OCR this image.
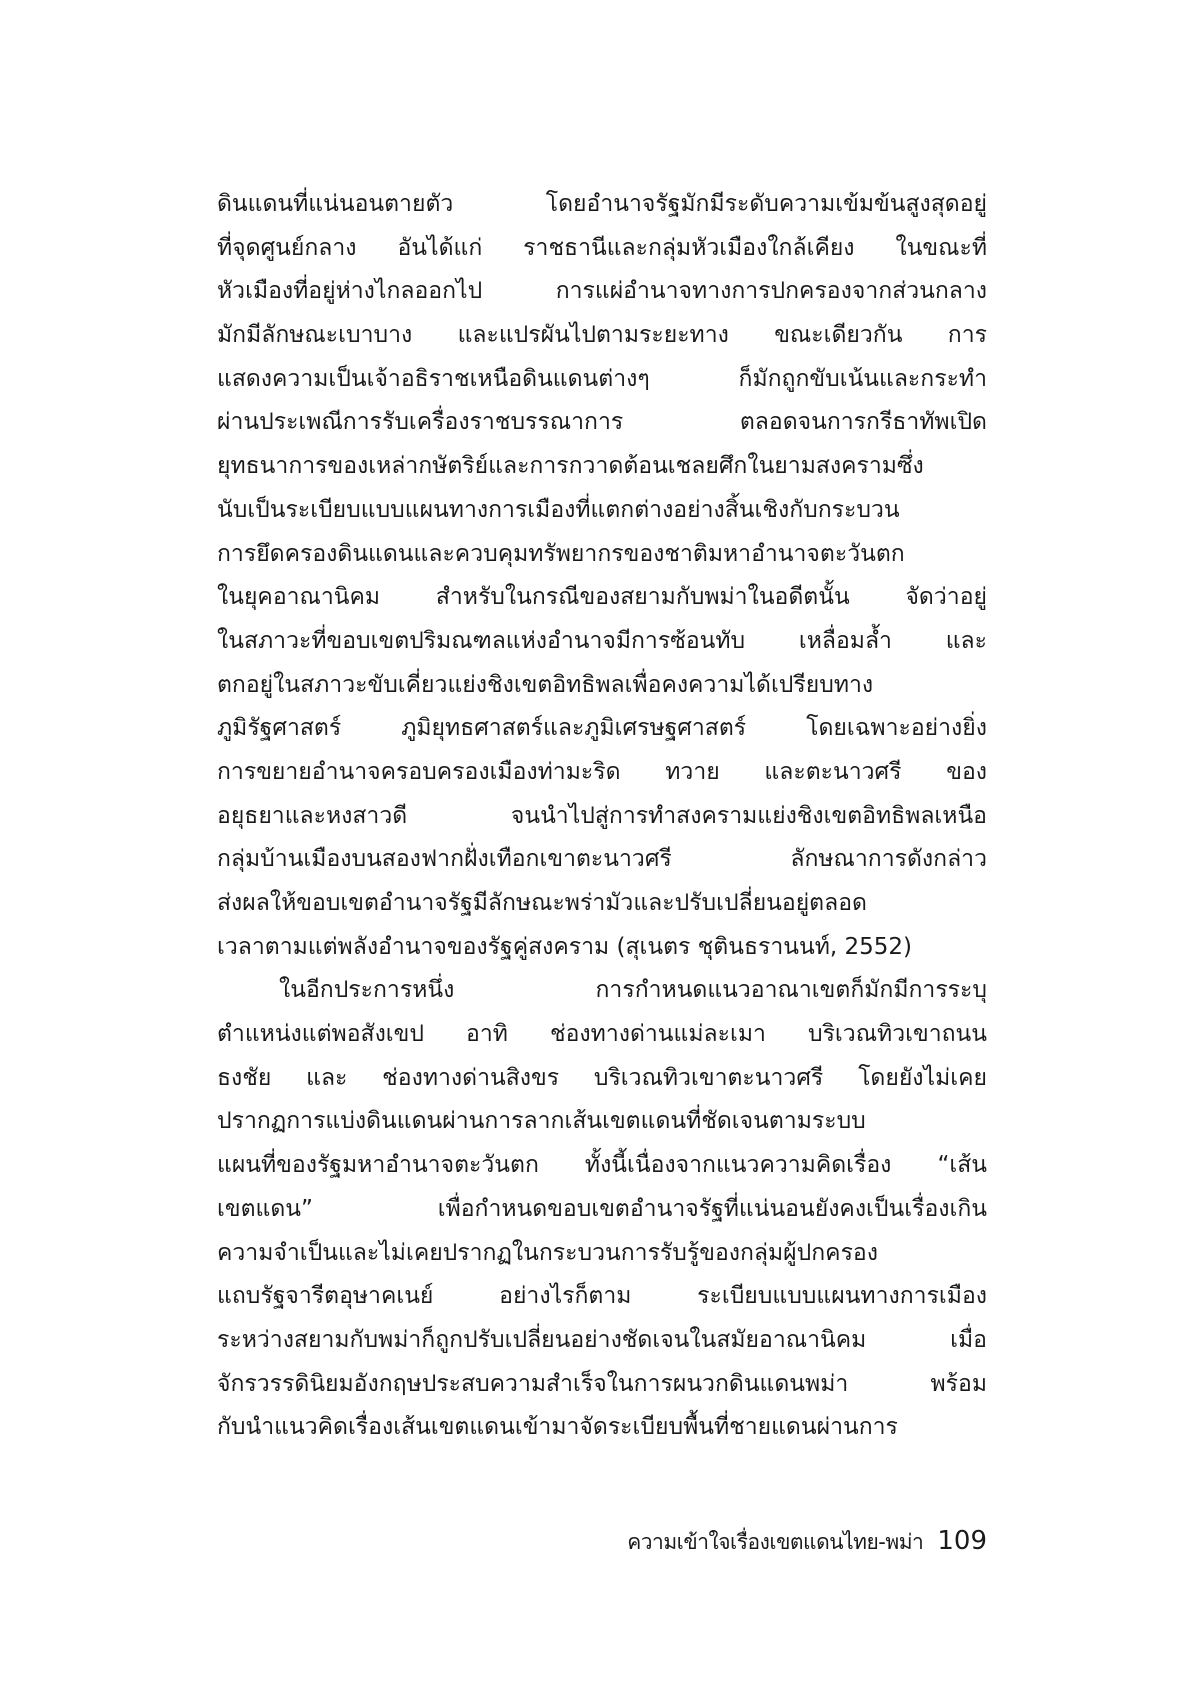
ดินแดนที่แน่นอนตายตัว โดยอำนาจรัฐมักมีระดับความเข้มข้นสูงสุดอยู่
ที่จุดศูนย์กลาง อันได้แก่ ราชธานีและกลุ่มหัวเมืองใกล้เคียง ในขณะที่
หัวเมืองที่อยู่ห่างไกลออกไป การแผ่อำนาจทางการปกครองจากส่วนกลาง
มักมีลักษณะเบาบาง และแปรผันไปตามระยะทาง ขณะเดียวกัน การ
แสดงความเป็นเจ้าอธิราชเหนือดินแดนต่างๆ ก็มักถูกขับเน้นและกระทำ
ผ่านประเพณีการรับเครื่องราชบรรณาการ ตลอดจนการกรีธาทัพเปิด
ยุทธนาการของเหล่ากษัตริย์และการกวาดต้อนเชลยศึกในยามสงครามซึ่ง
นับเป็นระเบียบแบบแผนทางการเมืองที่แตกต่างอย่างสิ้นเชิงกับกระบวน
การยึดครองดินแดนและควบคุมทรัพยากรของชาติมหาอำนาจตะวันตก
ในยุคอาณานิคม สำหรับในกรณีของสยามกับพม่าในอดีตนั้น จัดว่าอยู่
ในสภาวะที่ขอบเขตปริมณฑลแห่งอำนาจมีการซ้อนทับ เหลื่อมล้ำ และ
ตกอยู่ในสภาวะขับเคี่ยวแย่งชิงเขตอิทธิพลเพื่อคงความได้เปรียบทาง
ภูมิรัฐศาสตร์ ภูมิยุทธศาสตร์และภูมิเศรษฐศาสตร์ โดยเฉพาะอย่างยิ่ง
การขยายอำนาจครอบครองเมืองท่ามะริด ทวาย และตะนาวศรี ของ
อยุธยาและหงสาวดี จนนำไปสู่การทำสงครามแย่งชิงเขตอิทธิพลเหนือ
กลุ่มบ้านเมืองบนสองฟากฝั่งเทือกเขาตะนาวศรี ลักษณาการดังกล่าว
ส่งผลให้ขอบเขตอำนาจรัฐมีลักษณะพร่ามัวและปรับเปลี่ยนอยู่ตลอด
เวลาตามแต่พลังอำนาจของรัฐคู่สงคราม (สุเนตร ชุตินธรานนท์, 2552)
ในอีกประการหนึ่ง การกำหนดแนวอาณาเขตก็มักมีการระบุ
ตำแหน่งแต่พอสังเขป อาทิ ช่องทางด่านแม่ละเมา บริเวณทิวเขาถนน
ธงชัย และ ช่องทางด่านสิงขร บริเวณทิวเขาตะนาวศรี โดยยังไม่เคย
ปรากฏการแบ่งดินแดนผ่านการลากเส้นเขตแดนที่ชัดเจนตามระบบ
แผนที่ของรัฐมหาอำนาจตะวันตก ทั้งนี้เนื่องจากแนวความคิดเรื่อง “เส้น
เขตแดน” เพื่อกำหนดขอบเขตอำนาจรัฐที่แน่นอนยังคงเป็นเรื่องเกิน
ความจำเป็นและไม่เคยปรากฏในกระบวนการรับรู้ของกลุ่มผู้ปกครอง
แถบรัฐจารีตอุษาคเนย์ อย่างไรก็ตาม ระเบียบแบบแผนทางการเมือง
ระหว่างสยามกับพม่าก็ถูกปรับเปลี่ยนอย่างชัดเจนในสมัยอาณานิคม เมื่อ
จักรวรรดินิยมอังกฤษประสบความสำเร็จในการผนวกดินแดนพม่า พร้อม
กับนำแนวคิดเรื่องเส้นเขตแดนเข้ามาจัดระเบียบพื้นที่ชายแดนผ่านการ
ความเข้าใจเรื่องเขตแดนไทย-พม่า 109
